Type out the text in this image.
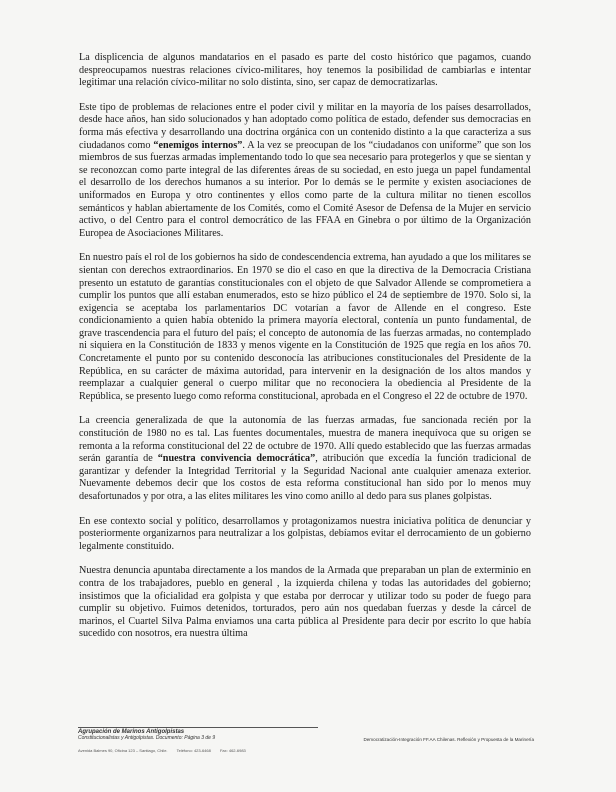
La displicencia de algunos mandatarios en el pasado es parte del costo histórico que pagamos, cuando despreocupamos nuestras relaciones cívico-militares, hoy tenemos la posibilidad de cambiarlas e intentar legitimar una relación cívico-militar no solo distinta, sino, ser capaz de democratizarlas.

Este tipo de problemas de relaciones entre el poder civil y militar en la mayoría de los países desarrollados, desde hace años, han sido solucionados y han adoptado como política de estado, defender sus democracias en forma más efectiva y desarrollando una doctrina orgánica con un contenido distinto a la que caracteriza a sus ciudadanos como “enemigos internos”. A la vez se preocupan de los “ciudadanos con uniforme” que son los miembros de sus fuerzas armadas implementando todo lo que sea necesario para protegerlos y que se sientan y se reconozcan como parte integral de las diferentes áreas de su sociedad, en esto juega un papel fundamental el desarrollo de los derechos humanos a su interior. Por lo demás se le permite y existen asociaciones de uniformados en Europa y otro continentes y ellos como parte de la cultura militar no tienen escollos semánticos y hablan abiertamente de los Comités, como el Comité Asesor de Defensa de la Mujer en servicio activo, o del Centro para el control democrático de las FFAA en Ginebra o por último de la Organización Europea de Asociaciones Militares.

En nuestro país el rol de los gobiernos ha sido de condescendencia extrema, han ayudado a que los militares se sientan con derechos extraordinarios. En 1970 se dio el caso en que la directiva de la Democracia Cristiana presento un estatuto de garantías constitucionales con el objeto de que Salvador Allende se comprometiera a cumplir los puntos que allí estaban enumerados, esto se hizo público el 24 de septiembre de 1970. Solo si, la exigencia se aceptaba los parlamentarios DC votarían a favor de Allende en el congreso. Este condicionamiento a quien había obtenido la primera mayoría electoral, contenía un punto fundamental, de grave trascendencia para el futuro del país; el concepto de autonomía de las fuerzas armadas, no contemplado ni siquiera en la Constitución de 1833 y menos vigente en la Constitución de 1925 que regía en los años 70. Concretamente el punto por su contenido desconocía las atribuciones constitucionales del Presidente de la República, en su carácter de máxima autoridad, para intervenir en la designación de los altos mandos y reemplazar a cualquier general o cuerpo militar que no reconociera la obediencia al Presidente de la República, se presento luego como reforma constitucional, aprobada en el Congreso el 22 de octubre de 1970.

La creencia generalizada de que la autonomía de las fuerzas armadas, fue sancionada recién por la constitución de 1980 no es tal. Las fuentes documentales, muestra de manera inequívoca que su origen se remonta a la reforma constitucional del 22 de octubre de 1970. Allí quedo establecido que las fuerzas armadas serán garantía de “nuestra convivencia democrática”, atribución que excedía la función tradicional de garantizar y defender la Integridad Territorial y la Seguridad Nacional ante cualquier amenaza exterior. Nuevamente debemos decir que los costos de esta reforma constitucional han sido por lo menos muy desafortunados y por otra, a las elites militares les vino como anillo al dedo para sus planes golpistas.

En ese contexto social y político, desarrollamos y protagonizamos nuestra iniciativa política de denunciar y posteriormente organizarnos para neutralizar a los golpistas, debíamos evitar el derrocamiento de un gobierno legalmente constituido.

Nuestra denuncia apuntaba directamente a los mandos de la Armada que preparaban un plan de exterminio en contra de los trabajadores, pueblo en general , la izquierda chilena y todas las autoridades del gobierno; insistimos que la oficialidad era golpista y que estaba por derrocar y utilizar todo su poder de fuego para cumplir su objetivo. Fuimos detenidos, torturados, pero aún nos quedaban fuerzas y desde la cárcel de marinos, el Cuartel Silva Palma enviamos una carta pública al Presidente para decir por escrito lo que había sucedido con nosotros, era nuestra última

Agrupación de Marinos Antigolpistas
Constitucionalistas y Antigolpistas. Documento: Página 3 de 9
Avenida Balmes 90, Oficina 123 – Santiago, Chile. Teléfono: 423-6468 Fax: 462-6983
Democratización-Integración FF.AA Chilenas. Reflexión y Propuesta de la Marinería
